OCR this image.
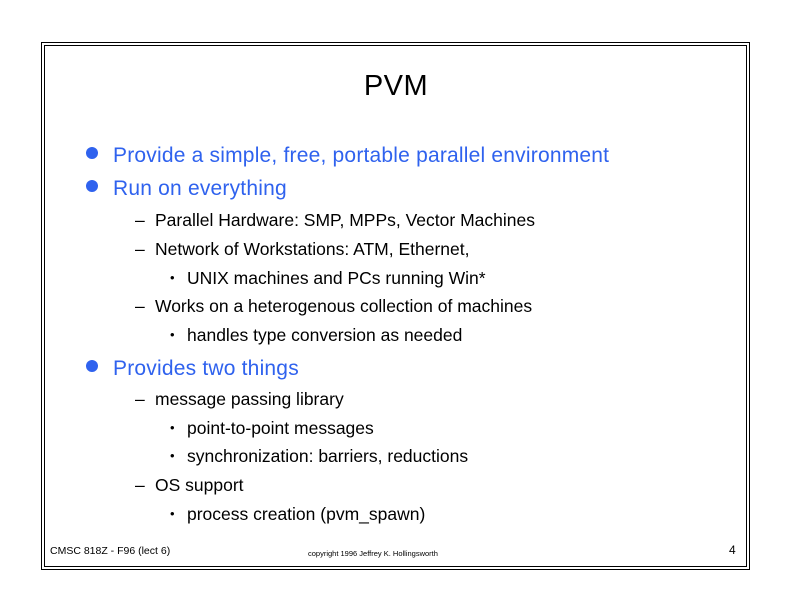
PVM
Provide a simple, free, portable parallel environment
Run on everything
– Parallel Hardware: SMP, MPPs, Vector Machines
– Network of Workstations: ATM, Ethernet,
• UNIX machines and PCs running Win*
– Works on a heterogenous collection of machines
• handles type conversion as needed
Provides two things
– message passing library
• point-to-point messages
• synchronization: barriers, reductions
– OS support
• process creation (pvm_spawn)
CMSC 818Z - F96 (lect 6)	copyright 1996 Jeffrey K. Hollingsworth	4
